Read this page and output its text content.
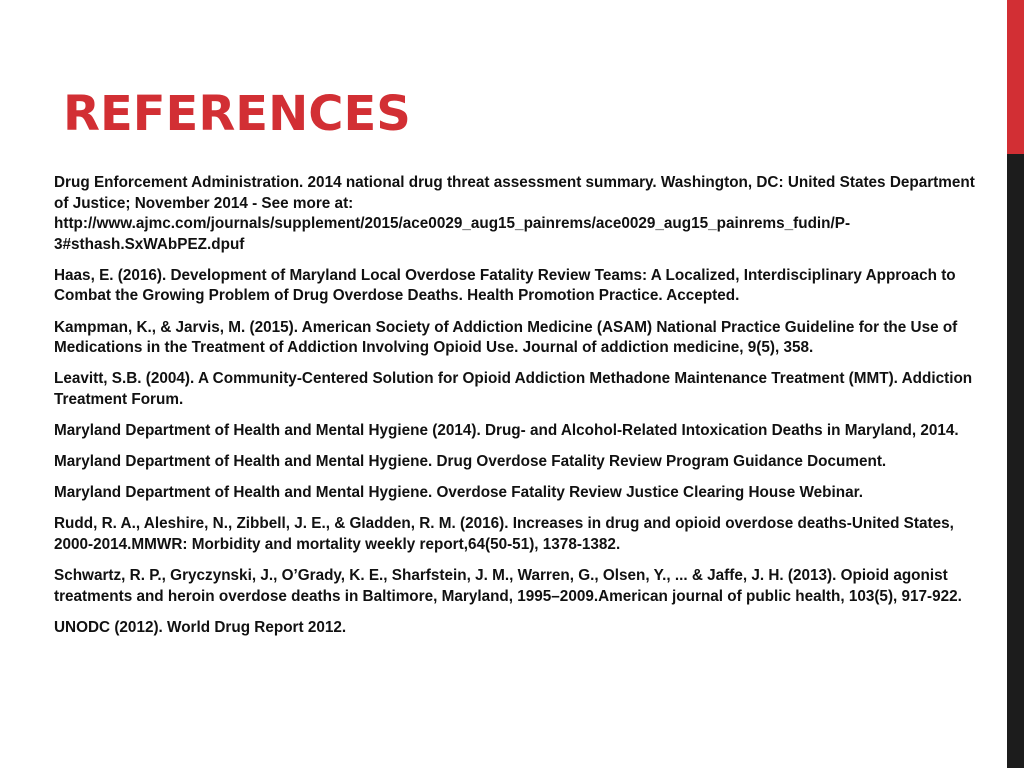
REFERENCES
Drug Enforcement Administration. 2014 national drug threat assessment summary. Washington, DC: United States Department of Justice; November 2014 - See more at: http://www.ajmc.com/journals/supplement/2015/ace0029_aug15_painrems/ace0029_aug15_painrems_fudin/P-3#sthash.SxWAbPEZ.dpuf
Haas, E. (2016). Development of Maryland Local Overdose Fatality Review Teams: A Localized, Interdisciplinary Approach to Combat the Growing Problem of Drug Overdose Deaths. Health Promotion Practice. Accepted.
Kampman, K., & Jarvis, M. (2015). American Society of Addiction Medicine (ASAM) National Practice Guideline for the Use of Medications in the Treatment of Addiction Involving Opioid Use. Journal of addiction medicine, 9(5), 358.
Leavitt, S.B. (2004). A Community-Centered Solution for Opioid Addiction Methadone Maintenance Treatment (MMT). Addiction Treatment Forum.
Maryland Department of Health and Mental Hygiene (2014). Drug- and Alcohol-Related Intoxication Deaths in Maryland, 2014.
Maryland Department of Health and Mental Hygiene. Drug Overdose Fatality Review Program Guidance Document.
Maryland Department of Health and Mental Hygiene. Overdose Fatality Review Justice Clearing House Webinar.
Rudd, R. A., Aleshire, N., Zibbell, J. E., & Gladden, R. M. (2016). Increases in drug and opioid overdose deaths-United States, 2000-2014.MMWR: Morbidity and mortality weekly report,64(50-51), 1378-1382.
Schwartz, R. P., Gryczynski, J., O’Grady, K. E., Sharfstein, J. M., Warren, G., Olsen, Y., ... & Jaffe, J. H. (2013). Opioid agonist treatments and heroin overdose deaths in Baltimore, Maryland, 1995–2009.American journal of public health, 103(5), 917-922.
UNODC (2012). World Drug Report 2012.
